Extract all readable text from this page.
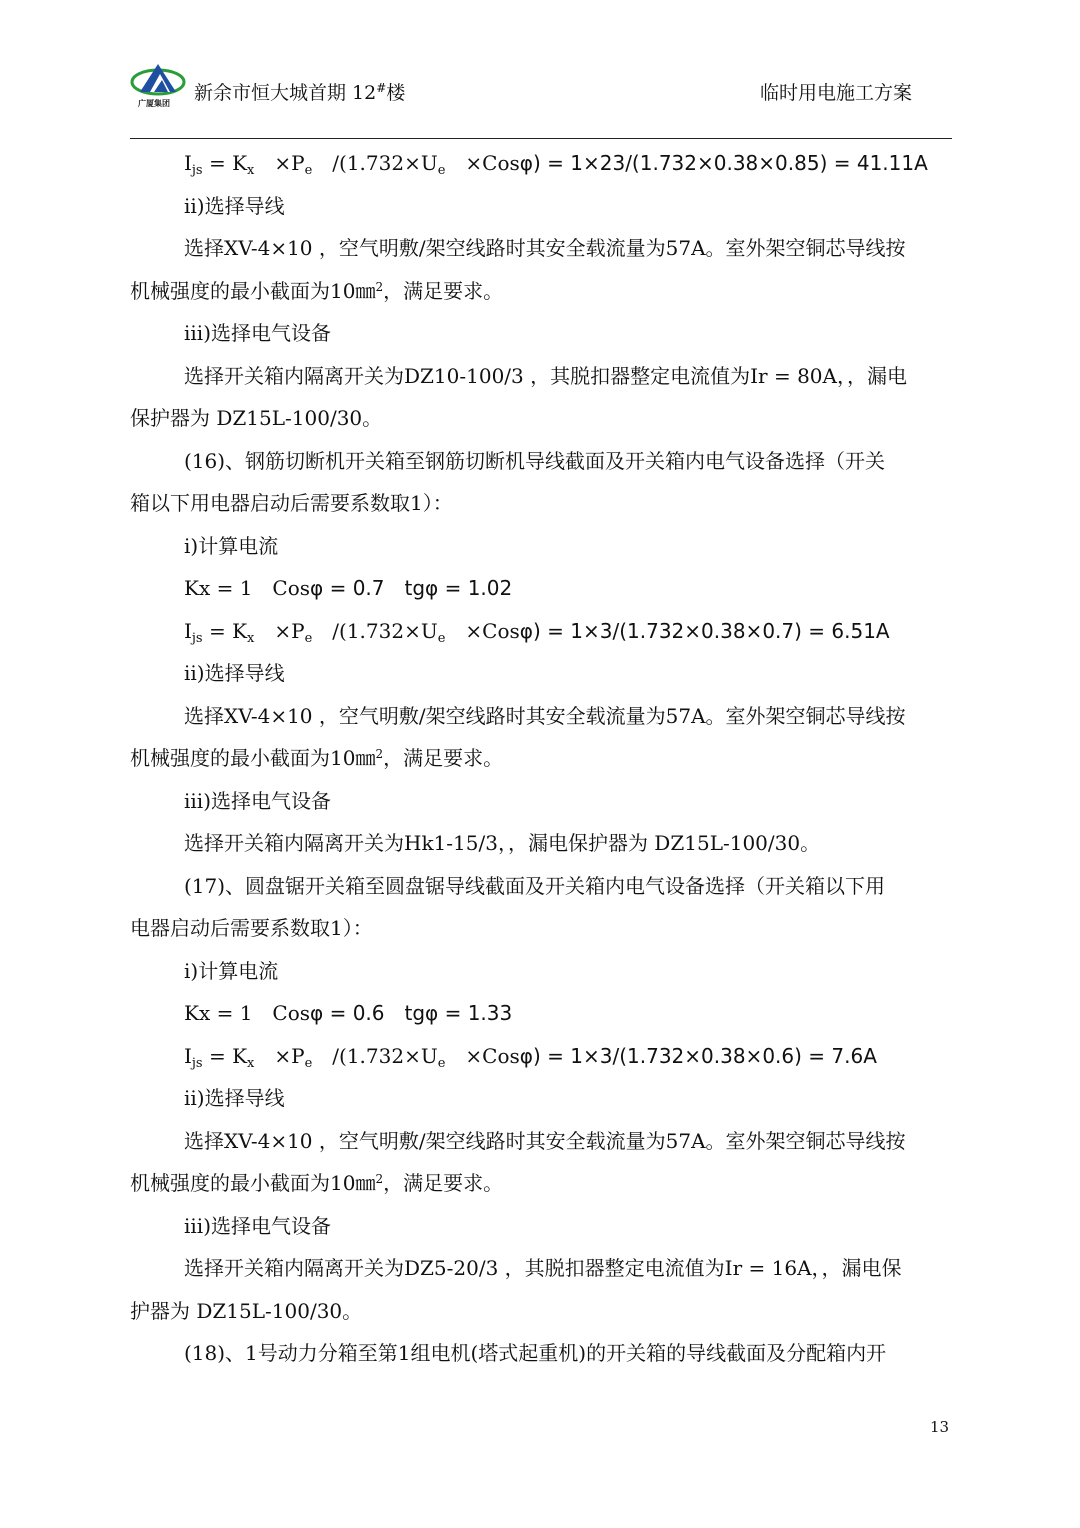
广厦集团 新余市恒大城首期 12#楼	临时用电施工方案
$I_{js} = K_x$　$\times P_e$　$/(1.732\times U_e$　×Cosφ) = 1×23/(1.732×0.38×0.85) = 41.11A
ii)选择导线
选择XV-4×10 ，空气明敷/架空线路时其安全载流量为57A。室外架空铜芯导线按
机械强度的最小截面为10㎜$^2$，满足要求。
iii)选择电气设备
选择开关箱内隔离开关为DZ10-100/3 ，其脱扣器整定电流值为Ir = 80A，，漏电
保护器为 DZ15L-100/30。
(16)、钢筋切断机开关箱至钢筋切断机导线截面及开关箱内电气设备选择（开关
箱以下用电器启动后需要系数取1）：
i)计算电流
Kx = 1　Cosφ = 0.7　tgφ = 1.02
$I_{js} = K_x$　$\times P_e$　$/(1.732\times U_e$　×Cosφ) = 1×3/(1.732×0.38×0.7) = 6.51A
ii)选择导线
选择XV-4×10 ，空气明敷/架空线路时其安全载流量为57A。室外架空铜芯导线按
机械强度的最小截面为10㎜$^2$，满足要求。
iii)选择电气设备
选择开关箱内隔离开关为Hk1-15/3，，漏电保护器为 DZ15L-100/30。
(17)、圆盘锯开关箱至圆盘锯导线截面及开关箱内电气设备选择（开关箱以下用
电器启动后需要系数取1）：
i)计算电流
Kx = 1　Cosφ = 0.6　tgφ = 1.33
$I_{js} = K_x$　$\times P_e$　$/(1.732\times U_e$　×Cosφ) = 1×3/(1.732×0.38×0.6) = 7.6A
ii)选择导线
选择XV-4×10 ，空气明敷/架空线路时其安全载流量为57A。室外架空铜芯导线按
机械强度的最小截面为10㎜$^2$，满足要求。
iii)选择电气设备
选择开关箱内隔离开关为DZ5-20/3 ，其脱扣器整定电流值为Ir = 16A，，漏电保
护器为 DZ15L-100/30。
(18)、1号动力分箱至第1组电机(塔式起重机)的开关箱的导线截面及分配箱内开
13
